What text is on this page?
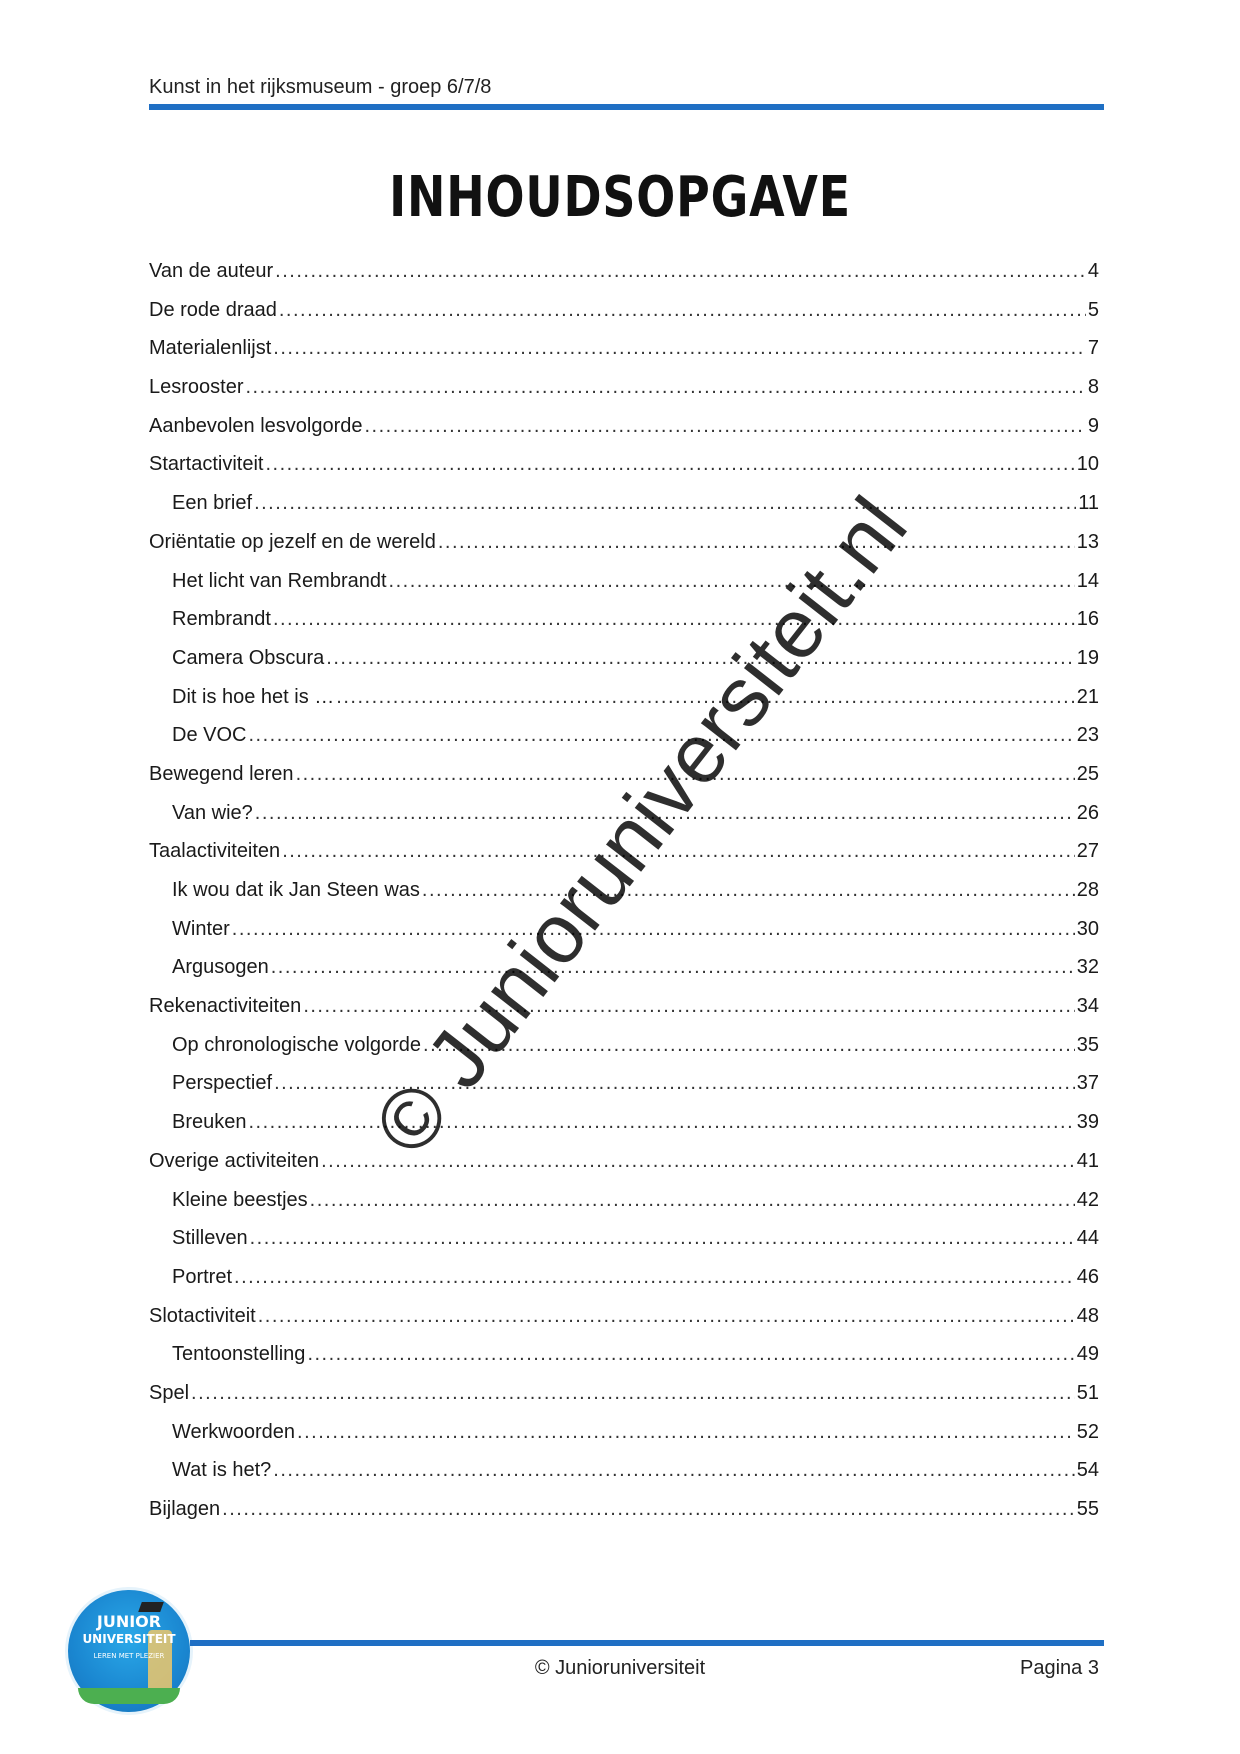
Kunst in het rijksmuseum - groep 6/7/8
INHOUDSOPGAVE
Van de auteur .....	4
De rode draad .....	5
Materialenlijst .....	7
Lesrooster .....	8
Aanbevolen lesvolgorde .....	9
Startactiviteit .....	10
Een brief .....	11
Oriëntatie op jezelf en de wereld .....	13
Het licht van Rembrandt .....	14
Rembrandt .....	16
Camera Obscura .....	19
Dit is hoe het is … .....	21
De VOC .....	23
Bewegend leren .....	25
Van wie? .....	26
Taalactiviteiten .....	27
Ik wou dat ik Jan Steen was .....	28
Winter .....	30
Argusogen .....	32
Rekenactiviteiten .....	34
Op chronologische volgorde .....	35
Perspectief .....	37
Breuken .....	39
Overige activiteiten .....	41
Kleine beestjes .....	42
Stilleven .....	44
Portret .....	46
Slotactiviteit .....	48
Tentoonstelling .....	49
Spel .....	51
Werkwoorden .....	52
Wat is het? .....	54
Bijlagen .....	55
© Junioruniversiteit.nl
JUNIOR
UNIVERSITEIT
LEREN MET PLEZIER
© Junioruniversiteit	Pagina 3
